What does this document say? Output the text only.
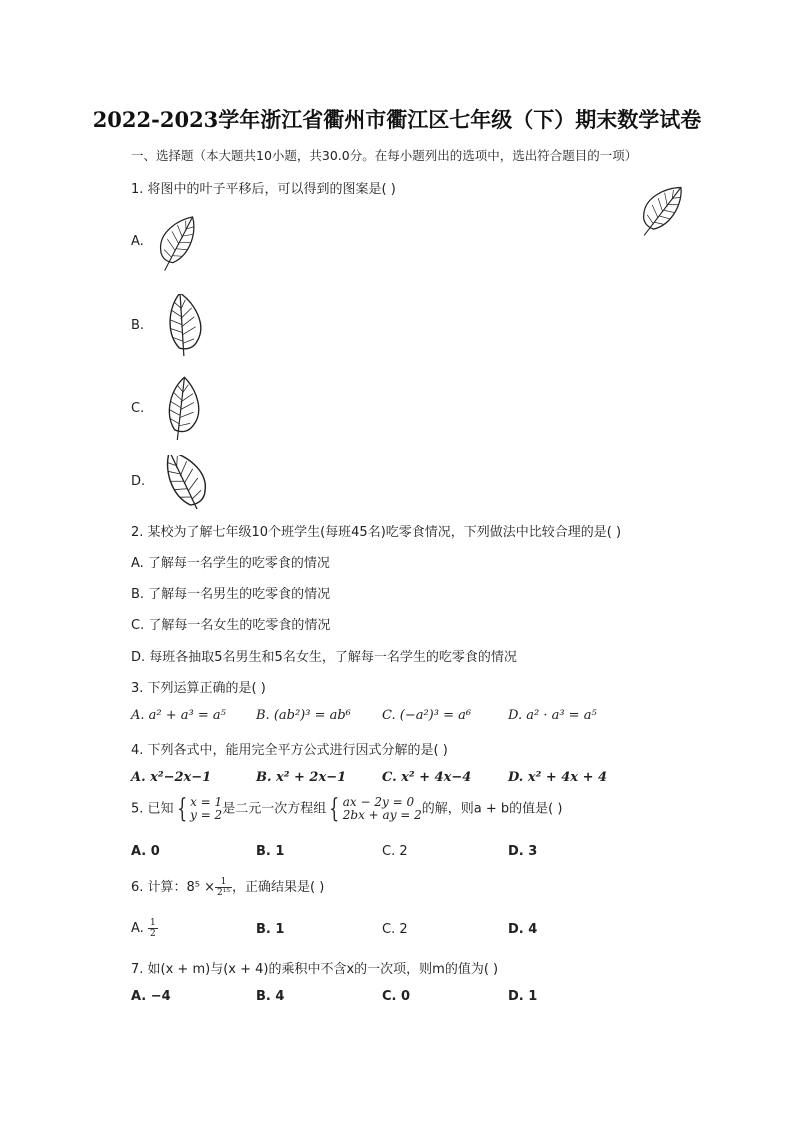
2022-2023学年浙江省衢州市衢江区七年级（下）期末数学试卷
一、选择题（本大题共10小题，共30.0分。在每小题列出的选项中，选出符合题目的一项）
1. 将图中的叶子平移后，可以得到的图案是( )
A.
B.
C.
D.
2. 某校为了解七年级10个班学生(每班45名)吃零食情况，下列做法中比较合理的是( )
A. 了解每一名学生的吃零食的情况
B. 了解每一名男生的吃零食的情况
C. 了解每一名女生的吃零食的情况
D. 每班各抽取5名男生和5名女生，了解每一名学生的吃零食的情况
3. 下列运算正确的是( )
A. a² + a³ = a⁵ B. (ab²)³ = ab⁶ C. (−a²)³ = a⁶	D. a² · a³ = a⁵
4. 下列各式中，能用完全平方公式进行因式分解的是( )
A. x²−2x−1	B. x² + 2x−1	C. x² + 4x−4	D. x² + 4x + 4
5. 已知 { x = 1
y = 2 是二元一次方程组 { ax − 2y = 0
2bx + ay = 2 的解，则a + b的值是( )
A. 0	B. 1	C. 2	D. 3
6. 计算：$8^5 \times \frac{1}{\text{2¹⁵}}$ ，正确结果是( )
A. $\frac{1}{2}$	B. 1	C. 2	D. 4
7. 如(x + m)与(x + 4)的乘积中不含x的一次项，则m的值为( )
A. −4	B. 4	C. 0	D. 1
